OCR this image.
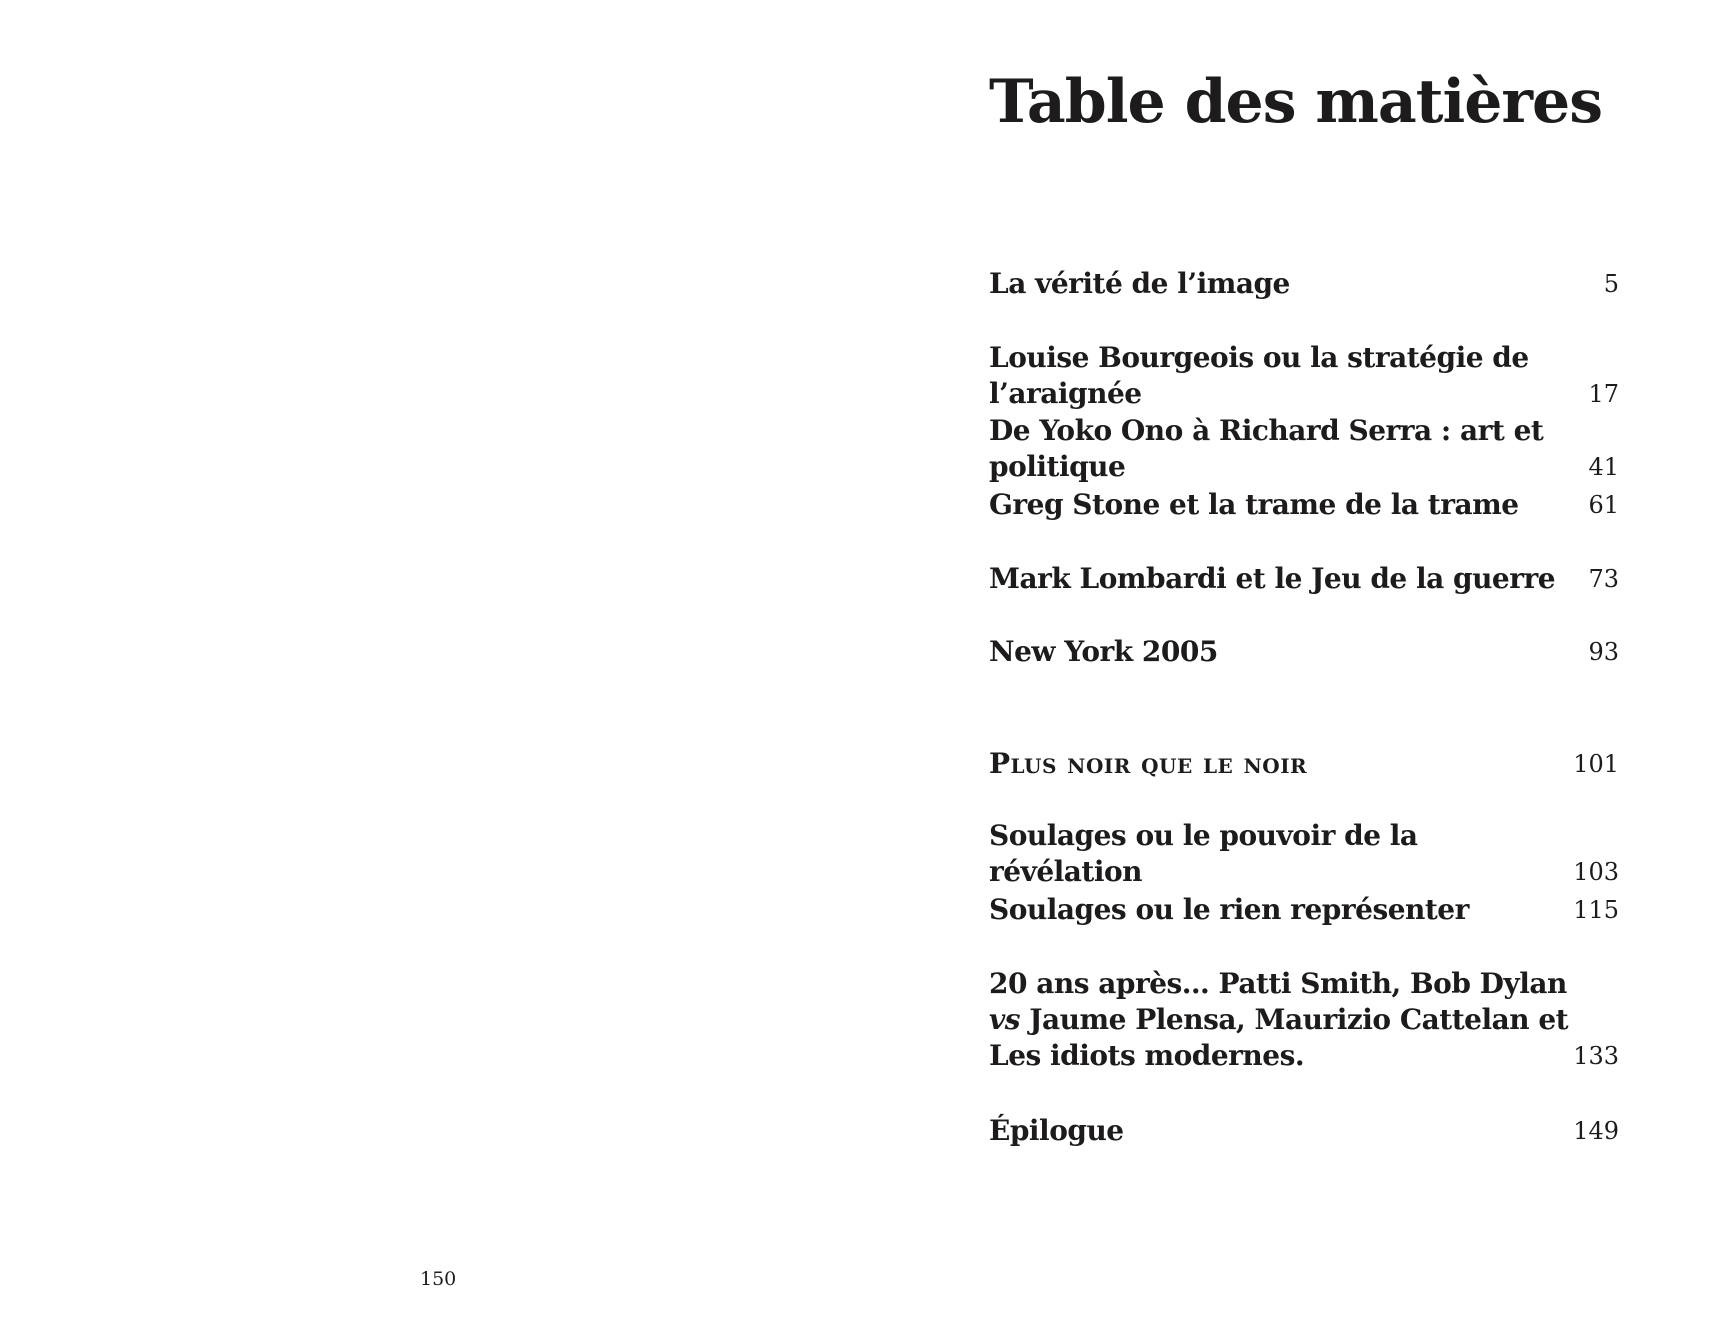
Table des matières
La vérité de l’image	5
Louise Bourgeois ou la stratégie de l’araignée	17
De Yoko Ono à Richard Serra : art et politique	41
Greg Stone et la trame de la trame	61
Mark Lombardi et le Jeu de la guerre	73
New York 2005	93
Plus noir que le noir	101
Soulages ou le pouvoir de la révélation	103
Soulages ou le rien représenter	115
20 ans après… Patti Smith, Bob Dylan vs Jaume Plensa, Maurizio Cattelan et Les idiots modernes.	133
Épilogue	149
150
